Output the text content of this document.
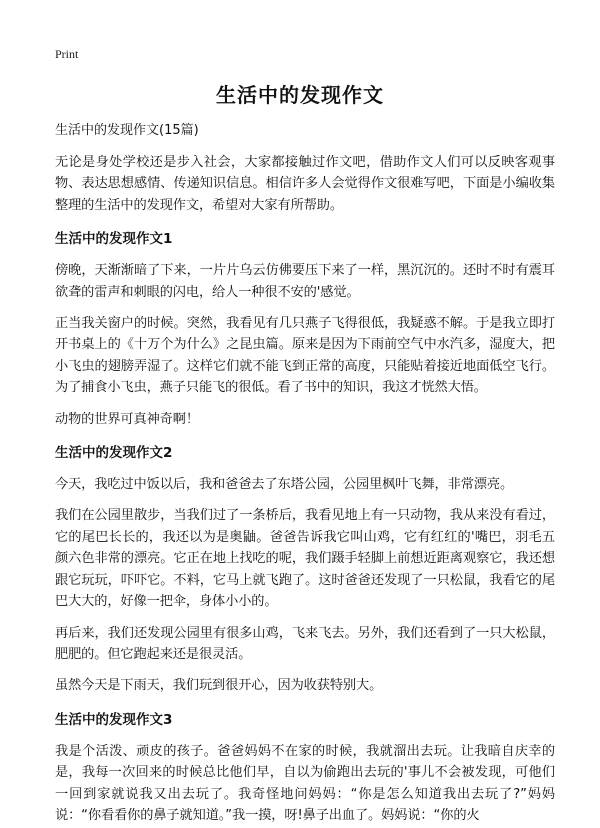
Print
生活中的发现作文
生活中的发现作文(15篇)

无论是身处学校还是步入社会，大家都接触过作文吧，借助作文人们可以反映客观事物、表达思想感情、传递知识信息。相信许多人会觉得作文很难写吧，下面是小编收集整理的生活中的发现作文，希望对大家有所帮助。

生活中的发现作文1

傍晚，天渐渐暗了下来，一片片乌云仿佛要压下来了一样，黑沉沉的。还时不时有震耳欲聋的雷声和刺眼的闪电，给人一种很不安的'感觉。

正当我关窗户的时候。突然，我看见有几只燕子飞得很低，我疑惑不解。于是我立即打开书桌上的《十万个为什么》之昆虫篇。原来是因为下雨前空气中水汽多，湿度大，把小飞虫的翅膀弄湿了。这样它们就不能飞到正常的高度，只能贴着接近地面低空飞行。为了捕食小飞虫，燕子只能飞的很低。看了书中的知识，我这才恍然大悟。

动物的世界可真神奇啊！

生活中的发现作文2

今天，我吃过中饭以后，我和爸爸去了东塔公园，公园里枫叶飞舞，非常漂亮。

我们在公园里散步，当我们过了一条桥后，我看见地上有一只动物，我从来没有看过，它的尾巴长长的，我还以为是奥鼬。爸爸告诉我它叫山鸡，它有红红的'嘴巴，羽毛五颜六色非常的漂亮。它正在地上找吃的呢，我们蹑手轻脚上前想近距离观察它，我还想跟它玩玩，吓吓它。不料，它马上就飞跑了。这时爸爸还发现了一只松鼠，我看它的尾巴大大的，好像一把伞，身体小小的。

再后来，我们还发现公园里有很多山鸡，飞来飞去。另外，我们还看到了一只大松鼠，肥肥的。但它跑起来还是很灵活。

虽然今天是下雨天，我们玩到很开心，因为收获特别大。

生活中的发现作文3

我是个活泼、顽皮的孩子。爸爸妈妈不在家的时候，我就溜出去玩。让我暗自庆幸的是，我每一次回来的时候总比他们早，自以为偷跑出去玩的'事儿不会被发现，可他们一回到家就说我又出去玩了。我奇怪地问妈妈：“你是怎么知道我出去玩了?”妈妈说：“你看看你的鼻子就知道。”我一摸，呀!鼻子出血了。妈妈说：“你的火
